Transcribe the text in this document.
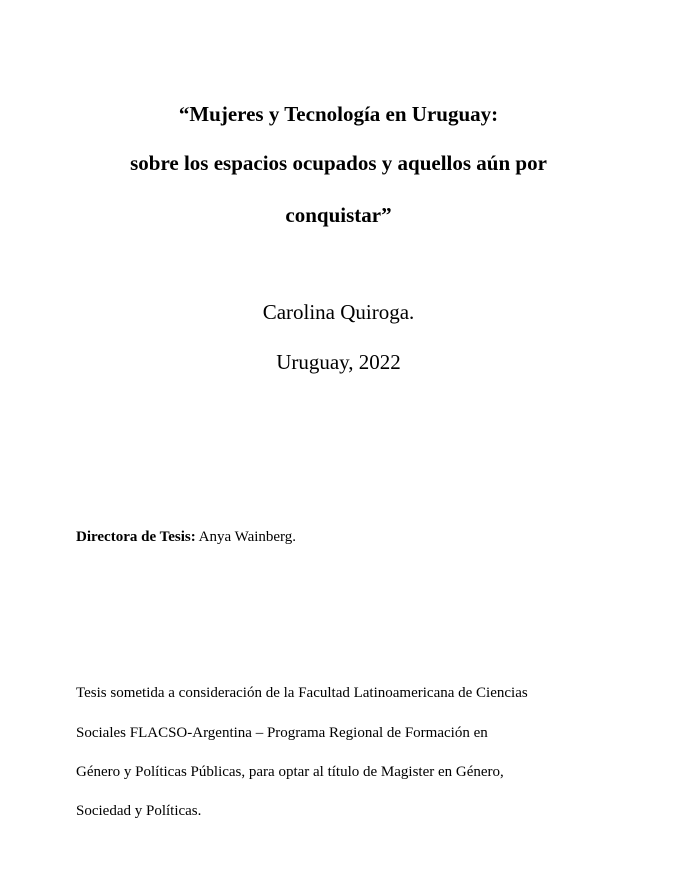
“Mujeres y Tecnología en Uruguay:
sobre los espacios ocupados y aquellos aún por
conquistar”
Carolina Quiroga.
Uruguay, 2022
Directora de Tesis: Anya Wainberg.
Tesis sometida a consideración de la Facultad Latinoamericana de Ciencias
Sociales FLACSO-Argentina – Programa Regional de Formación en
Género y Políticas Públicas, para optar al título de Magister en Género,
Sociedad y Políticas.
